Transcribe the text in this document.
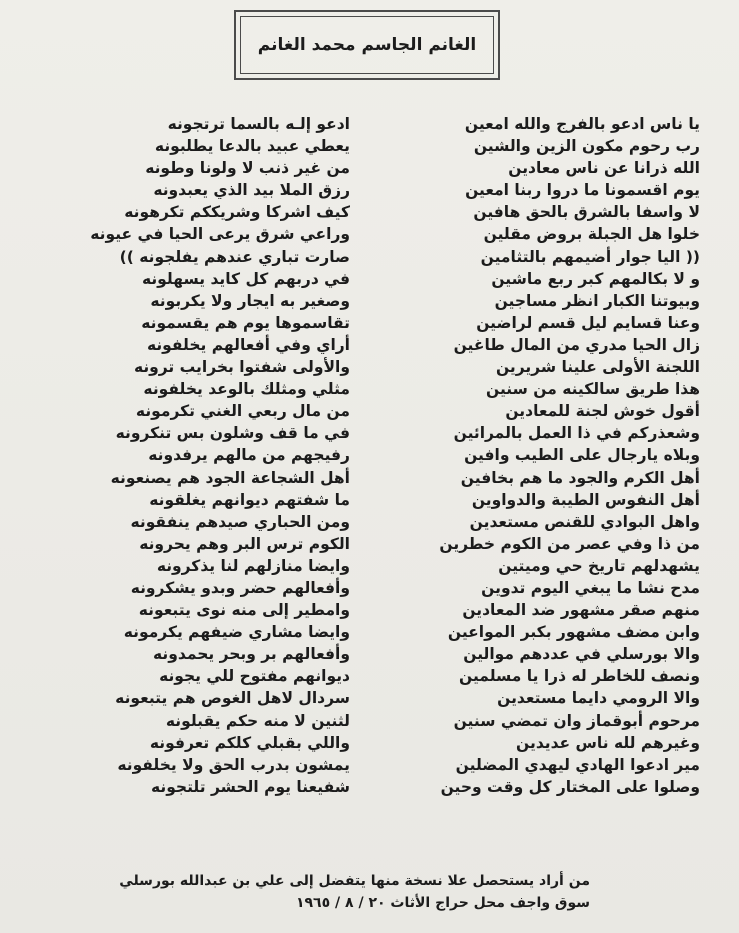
الغانم الجاسم محمد الغانم
يا ناس ادعو بالفرج والله امعين
رب رحوم مكون الزين والشين
الله ذرانا عن ناس معادين
يوم اقسمونا ما دروا ربنا امعين
لا واسفا بالشرق بالحق هافين
خلوا هل الجبلة بروض مقلين
(( اليا جوار أضيمهم بالتثامين
و لا بكالمهم كبر ربع ماشين
وبيوتنا الكبار انظر مساجين
وعنا قسايم ليل قسم لراضين
زال الحيا مدري من المال طاغين
اللجنة الأولى علينا شريرين
هذا طريق سالكينه من سنين
أقول خوش لجنة للمعادين
وشعذركم في ذا العمل بالمرائين
وبلاه يارجال على الطيب وافين
أهل الكرم والجود ما هم بخافين
أهل النفوس الطيبة والدواوين
واهل البوادي للقنص مستعدين
من ذا وفي عصر من الكوم خطرين
يشهدلهم تاريخ حي وميتين
مدح نشا ما يبغي اليوم تدوين
منهم صقر مشهور ضد المعادين
وابن مضف مشهور بكبر المواعين
والا بورسلي في عددهم موالين
ونصف للخاطر له ذرا يا مسلمين
والا الرومي دايما مستعدين
مرحوم أبوقماز وان تمضي سنين
وغيرهم لله ناس عديدين
مير ادعوا الهادي ليهدي المضلين
وصلوا على المختار كل وقت وحين
ادعو إلـه بالسما ترتجونه
يعطي عبيد بالدعا يطلبونه
من غير ذنب لا ولونا وطونه
رزق الملا بيد الذي يعبدونه
كيف اشركا وشريككم تكرهونه
وراعي شرق يرعى الحيا في عيونه
صارت تباري عندهم يفلجونه ))
في دربهم كل كايد يسهلونه
وصغير به ايجار ولا يكربونه
تقاسموها يوم هم يقسمونه
أراي وفي أفعالهم يخلفونه
والأولى شفتوا بخرايب ترونه
مثلي ومثلك بالوعد يخلفونه
من مال ربعي الغني تكرمونه
في ما قف وشلون بس تنكرونه
رفيجهم من مالهم يرفدونه
أهل الشجاعة الجود هم يصنعونه
ما شفتهم ديوانهم يغلقونه
ومن الحباري صيدهم ينفقونه
الكوم ترس البر وهم يحرونه
وايضا منازلهم لنا يذكرونه
وأفعالهم حضر وبدو يشكرونه
وامطير إلى منه نوى يتبعونه
وايضا مشاري ضيفهم يكرمونه
وأفعالهم بر وبحر يحمدونه
ديوانهم مفتوح للي يجونه
سردال لاهل الغوص هم يتبعونه
لثنين لا منه حكم يقبلونه
واللي بقبلي كلكم تعرفونه
يمشون بدرب الحق ولا يخلفونه
شفيعنا يوم الحشر تلتجونه
من أراد يستحصل علا نسخة منها يتفضل إلى علي بن عبدالله بورسلي
سوق واجف محل حراج الأثاث ٢٠ / ٨ / ١٩٦٥
